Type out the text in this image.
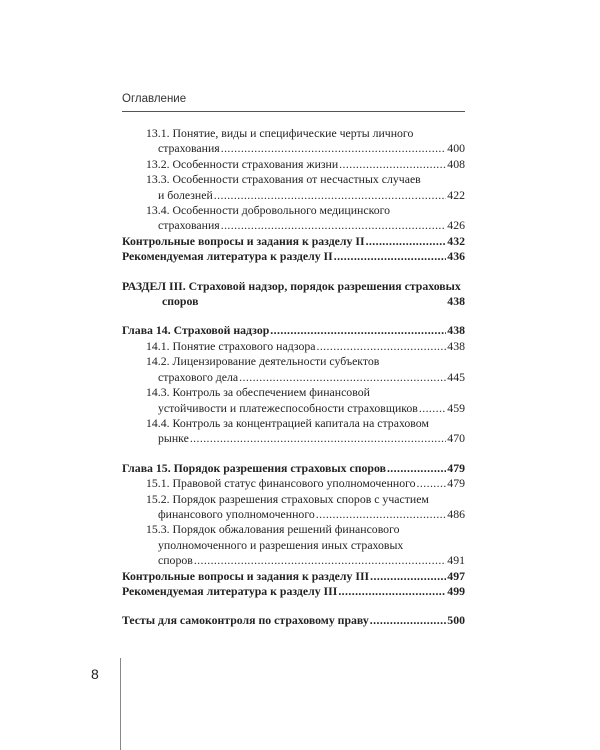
Оглавление
13.1. Понятие, виды и специфические черты личного
страхования .....	400
13.2. Особенности страхования жизни .....	408
13.3. Особенности страхования от несчастных случаев
и болезней .....	422
13.4. Особенности добровольного медицинского
страхования .....	426
Контрольные вопросы и задания к разделу II .....	432
Рекомендуемая литература к разделу II .....	436
РАЗДЕЛ III. Страховой надзор, порядок разрешения страховых
споров	438
Глава 14. Страховой надзор .....	438
14.1. Понятие страхового надзора .....	438
14.2. Лицензирование деятельности субъектов
страхового дела .....	445
14.3. Контроль за обеспечением финансовой
устойчивости и платежеспособности страховщиков ..... 459
14.4. Контроль за концентрацией капитала на страховом
рынке .....	470
Глава 15. Порядок разрешения страховых споров .....	479
15.1. Правовой статус финансового уполномоченного .....	479
15.2. Порядок разрешения страховых споров с участием
финансового уполномоченного .....	486
15.3. Порядок обжалования решений финансового
уполномоченного и разрешения иных страховых
споров .....	491
Контрольные вопросы и задания к разделу III .....	497
Рекомендуемая литература к разделу III .....	499
Тесты для самоконтроля по страховому праву .....	500
8
